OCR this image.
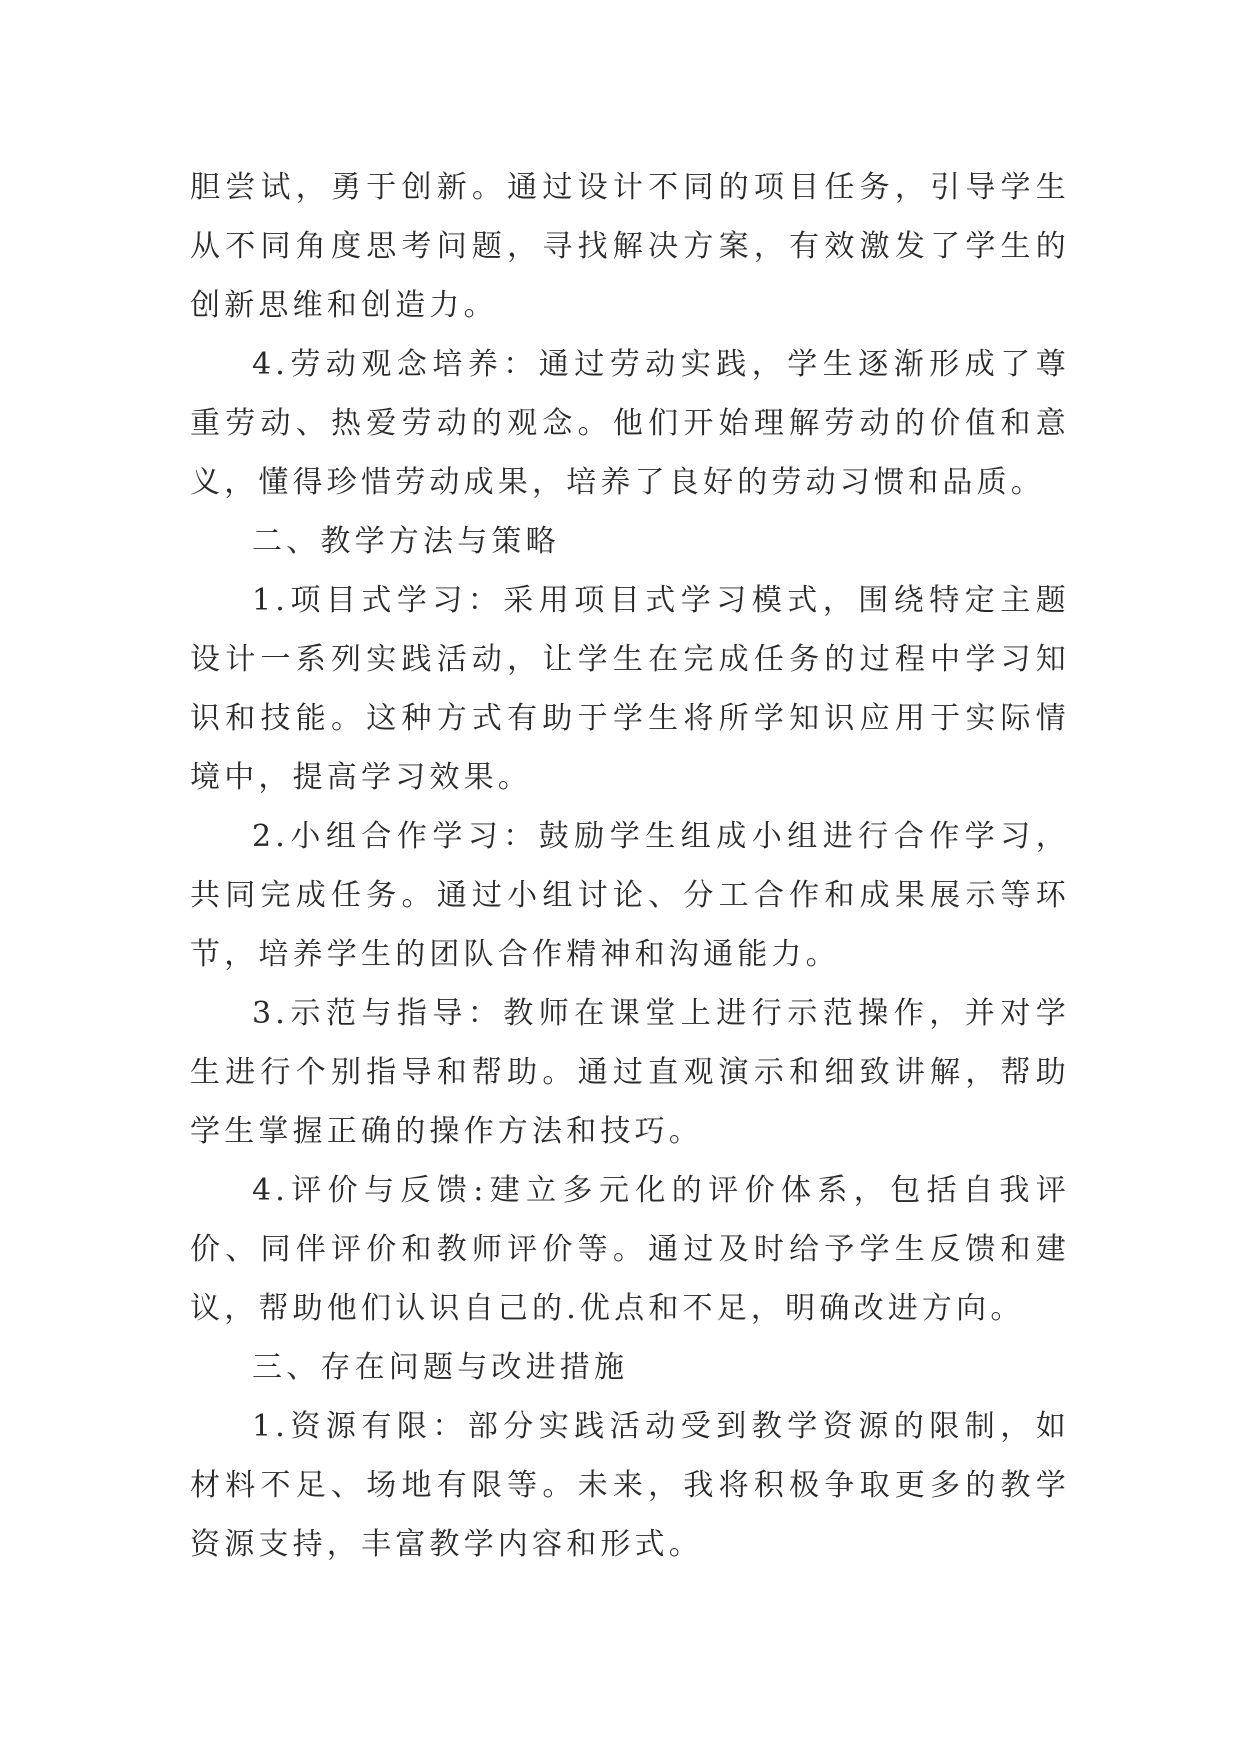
胆尝试，勇于创新。通过设计不同的项目任务，引导学生从不同角度思考问题，寻找解决方案，有效激发了学生的创新思维和创造力。

4.劳动观念培养：通过劳动实践，学生逐渐形成了尊重劳动、热爱劳动的观念。他们开始理解劳动的价值和意义，懂得珍惜劳动成果，培养了良好的劳动习惯和品质。

二、教学方法与策略

1.项目式学习：采用项目式学习模式，围绕特定主题设计一系列实践活动，让学生在完成任务的过程中学习知识和技能。这种方式有助于学生将所学知识应用于实际情境中，提高学习效果。

2.小组合作学习：鼓励学生组成小组进行合作学习，共同完成任务。通过小组讨论、分工合作和成果展示等环节，培养学生的团队合作精神和沟通能力。

3.示范与指导：教师在课堂上进行示范操作，并对学生进行个别指导和帮助。通过直观演示和细致讲解，帮助学生掌握正确的操作方法和技巧。

4.评价与反馈:建立多元化的评价体系，包括自我评价、同伴评价和教师评价等。通过及时给予学生反馈和建议，帮助他们认识自己的.优点和不足，明确改进方向。

三、存在问题与改进措施

1.资源有限：部分实践活动受到教学资源的限制，如材料不足、场地有限等。未来，我将积极争取更多的教学资源支持，丰富教学内容和形式。
